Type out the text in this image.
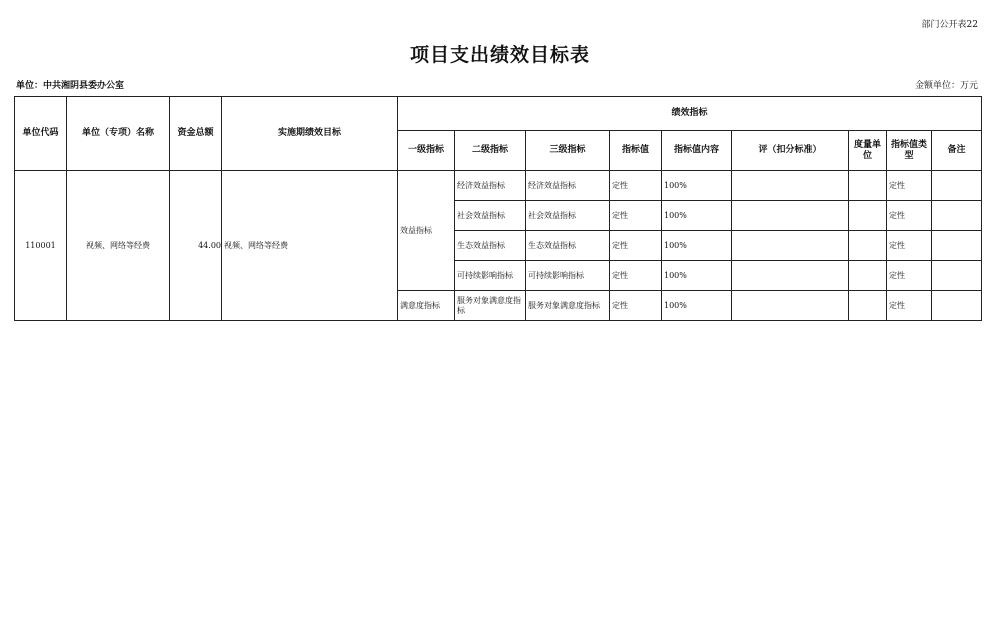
部门公开表22
项目支出绩效目标表
单位：中共湘阴县委办公室	金额单位：万元
单位代码	单位（专项）名称	资金总额	实施期绩效目标	绩效指标								
				一级指标	二级指标	三级指标	指标值	指标值内容	评（扣分标准）	度量单位	指标值类型	备注
110001	视频、网络等经费	44.00	视频、网络等经费	效益指标	经济效益指标	经济效益指标	定性	100%			定性	
					社会效益指标	社会效益指标	定性	100%			定性	
					生态效益指标	生态效益指标	定性	100%			定性	
					可持续影响指标	可持续影响指标	定性	100%			定性	
				满意度指标	服务对象满意度指标	服务对象满意度指标	定性	100%			定性	
